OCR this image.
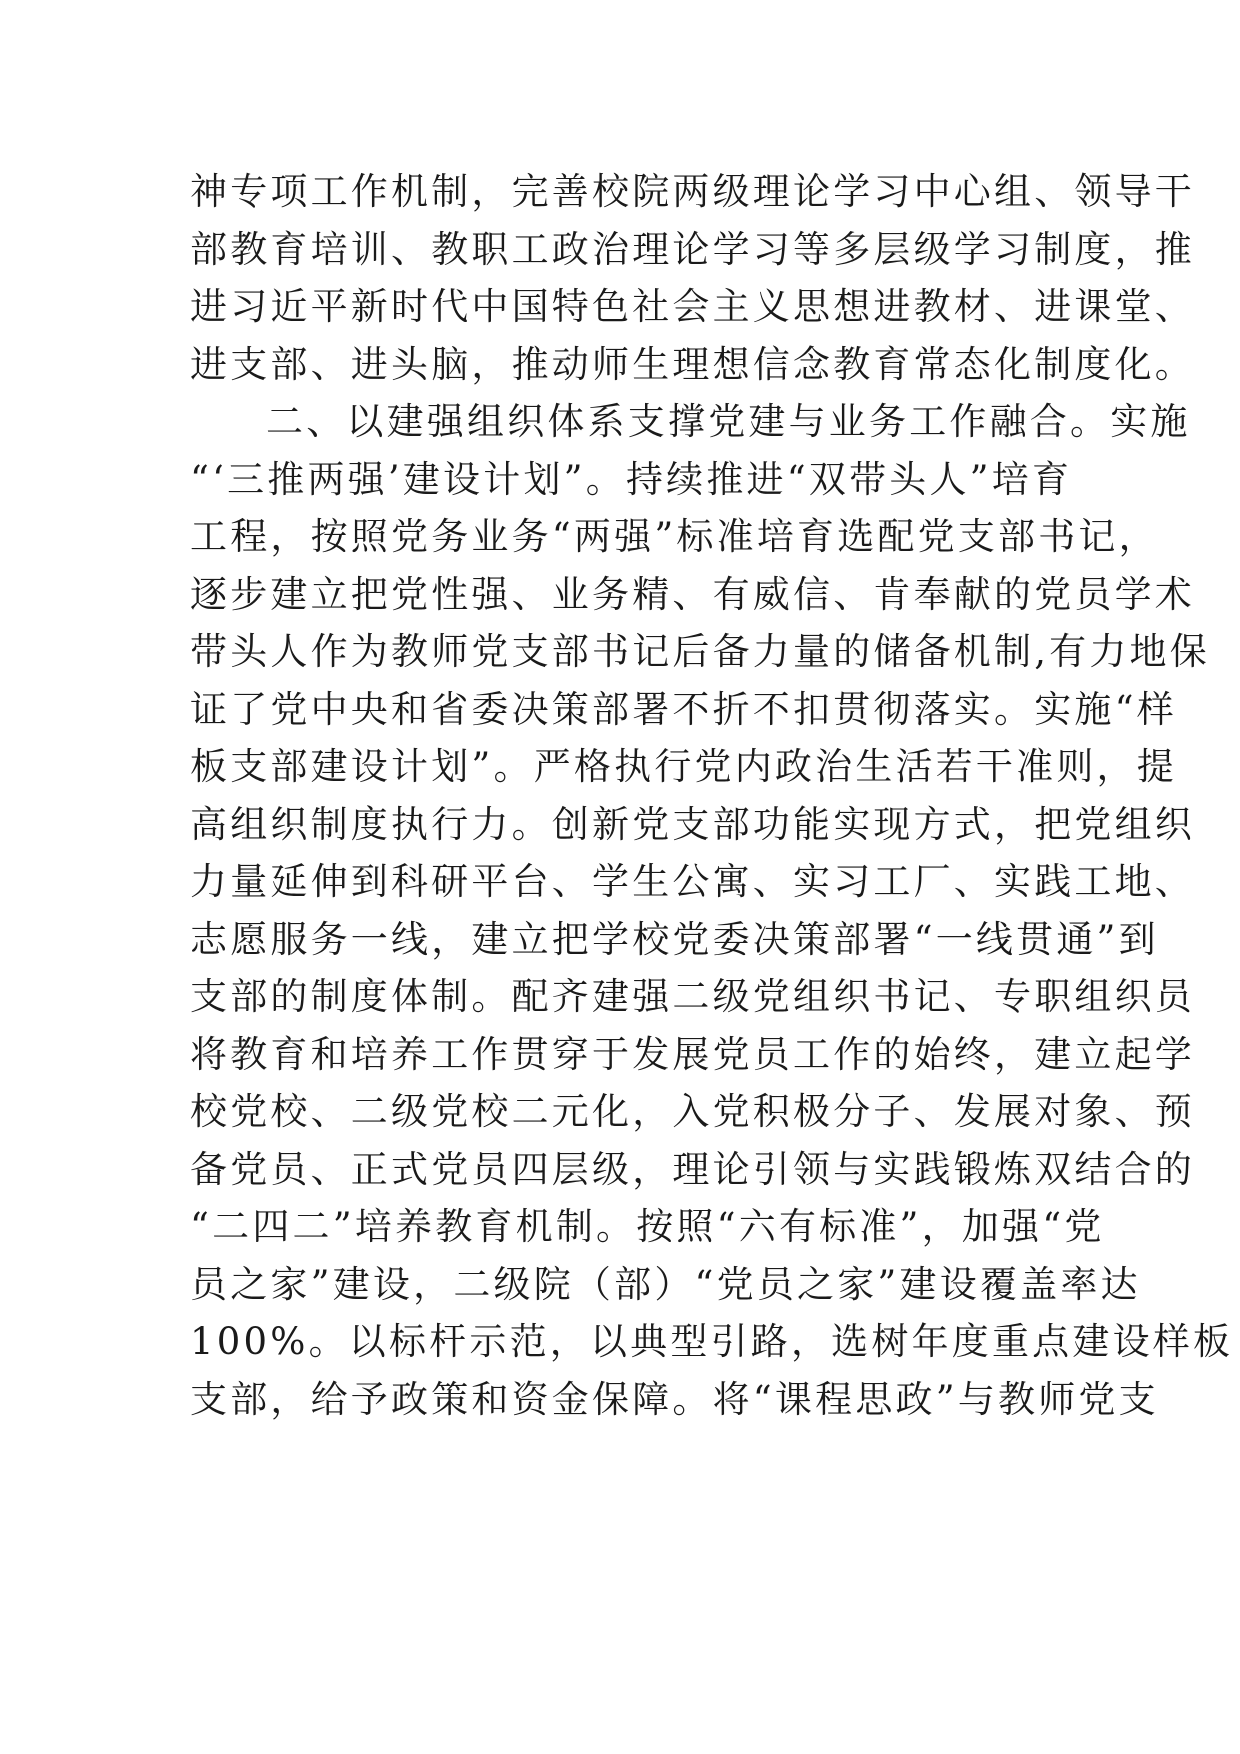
神专项工作机制，完善校院两级理论学习中心组、领导干
部教育培训、教职工政治理论学习等多层级学习制度，推
进习近平新时代中国特色社会主义思想进教材、进课堂、
进支部、进头脑，推动师生理想信念教育常态化制度化。
二、以建强组织体系支撑党建与业务工作融合。实施
“‘三推两强’建设计划”。持续推进“双带头人”培育
工程，按照党务业务“两强”标准培育选配党支部书记，
逐步建立把党性强、业务精、有威信、肯奉献的党员学术
带头人作为教师党支部书记后备力量的储备机制,有力地保
证了党中央和省委决策部署不折不扣贯彻落实。实施“样
板支部建设计划”。严格执行党内政治生活若干准则，提
高组织制度执行力。创新党支部功能实现方式，把党组织
力量延伸到科研平台、学生公寓、实习工厂、实践工地、
志愿服务一线，建立把学校党委决策部署“一线贯通”到
支部的制度体制。配齐建强二级党组织书记、专职组织员
将教育和培养工作贯穿于发展党员工作的始终，建立起学
校党校、二级党校二元化，入党积极分子、发展对象、预
备党员、正式党员四层级，理论引领与实践锻炼双结合的
“二四二”培养教育机制。按照“六有标准”，加强“党
员之家”建设，二级院（部）“党员之家”建设覆盖率达
100%。以标杆示范，以典型引路，选树年度重点建设样板
支部，给予政策和资金保障。将“课程思政”与教师党支
